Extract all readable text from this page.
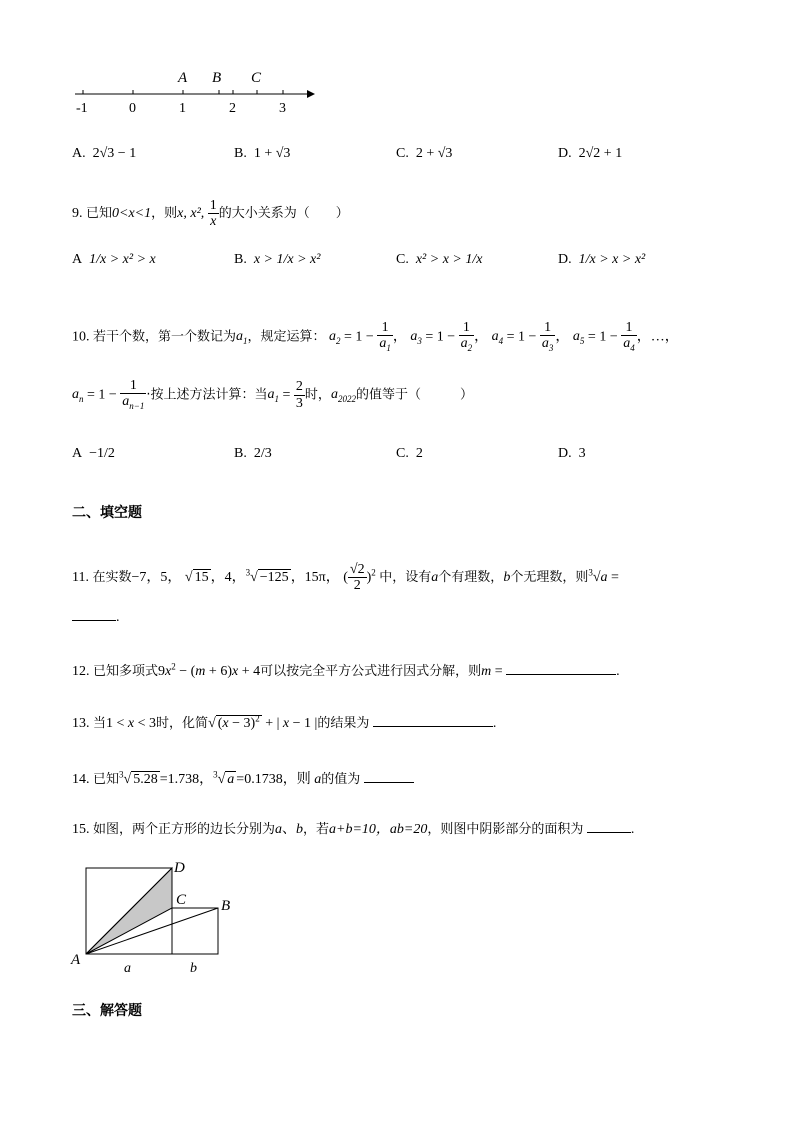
-1	0	1	2	3
A B C
A. 2√3 − 1	B. 1 + √3	C. 2 + √3	D. 2√2 + 1
9. 已知0<x<1，则x, x², $\frac{1}{x}$ 的大小关系为（　　）
A 1/x > x² > x	B. x > 1/x > x²	C. x² > x > 1/x	D. 1/x > x > x²
10. 若干个数，第一个数记为$a_1$，规定运算： $a_2 = 1 - \frac{1}{a_1}$ ， $a_3 = 1 - \frac{1}{a_2}$ ， $a_4 = 1 - \frac{1}{a_3}$ ， $a_5 = 1 - \frac{1}{a_4}$ ，…，
$a_n = 1 - \frac{1}{a_{n-1}}$ ·按上述方法计算：当$a_1 = \frac{2}{3}$ 时，$a_{2022}$的值等于（　　　）
A −1/2	B. 2/3	C. 2	D. 3
二、填空题
11. 在实数−7，5， √ 15 ，4，$^3$√ −125 ，15π， ( $\frac{√2}{2} )^2$ 中，设有a个有理数，b个无理数，则$^3$√a =
.
12. 已知多项式$9x^2 - (m + 6)x + 4$可以按完全平方公式进行因式分解，则m =	.
13. 当1 < x < 3时，化简√ $(x - 3)^2$ + | x − 1 |的结果为	.
14. 已知$^3$√ 5.28 =1.738，$^3$√ a =0.1738，则 a的值为
15. 如图，两个正方形的边长分别为a、b，若a+b=10，ab=20，则图中阴影部分的面积为	.
A
B
C
D
a	b
三、解答题
